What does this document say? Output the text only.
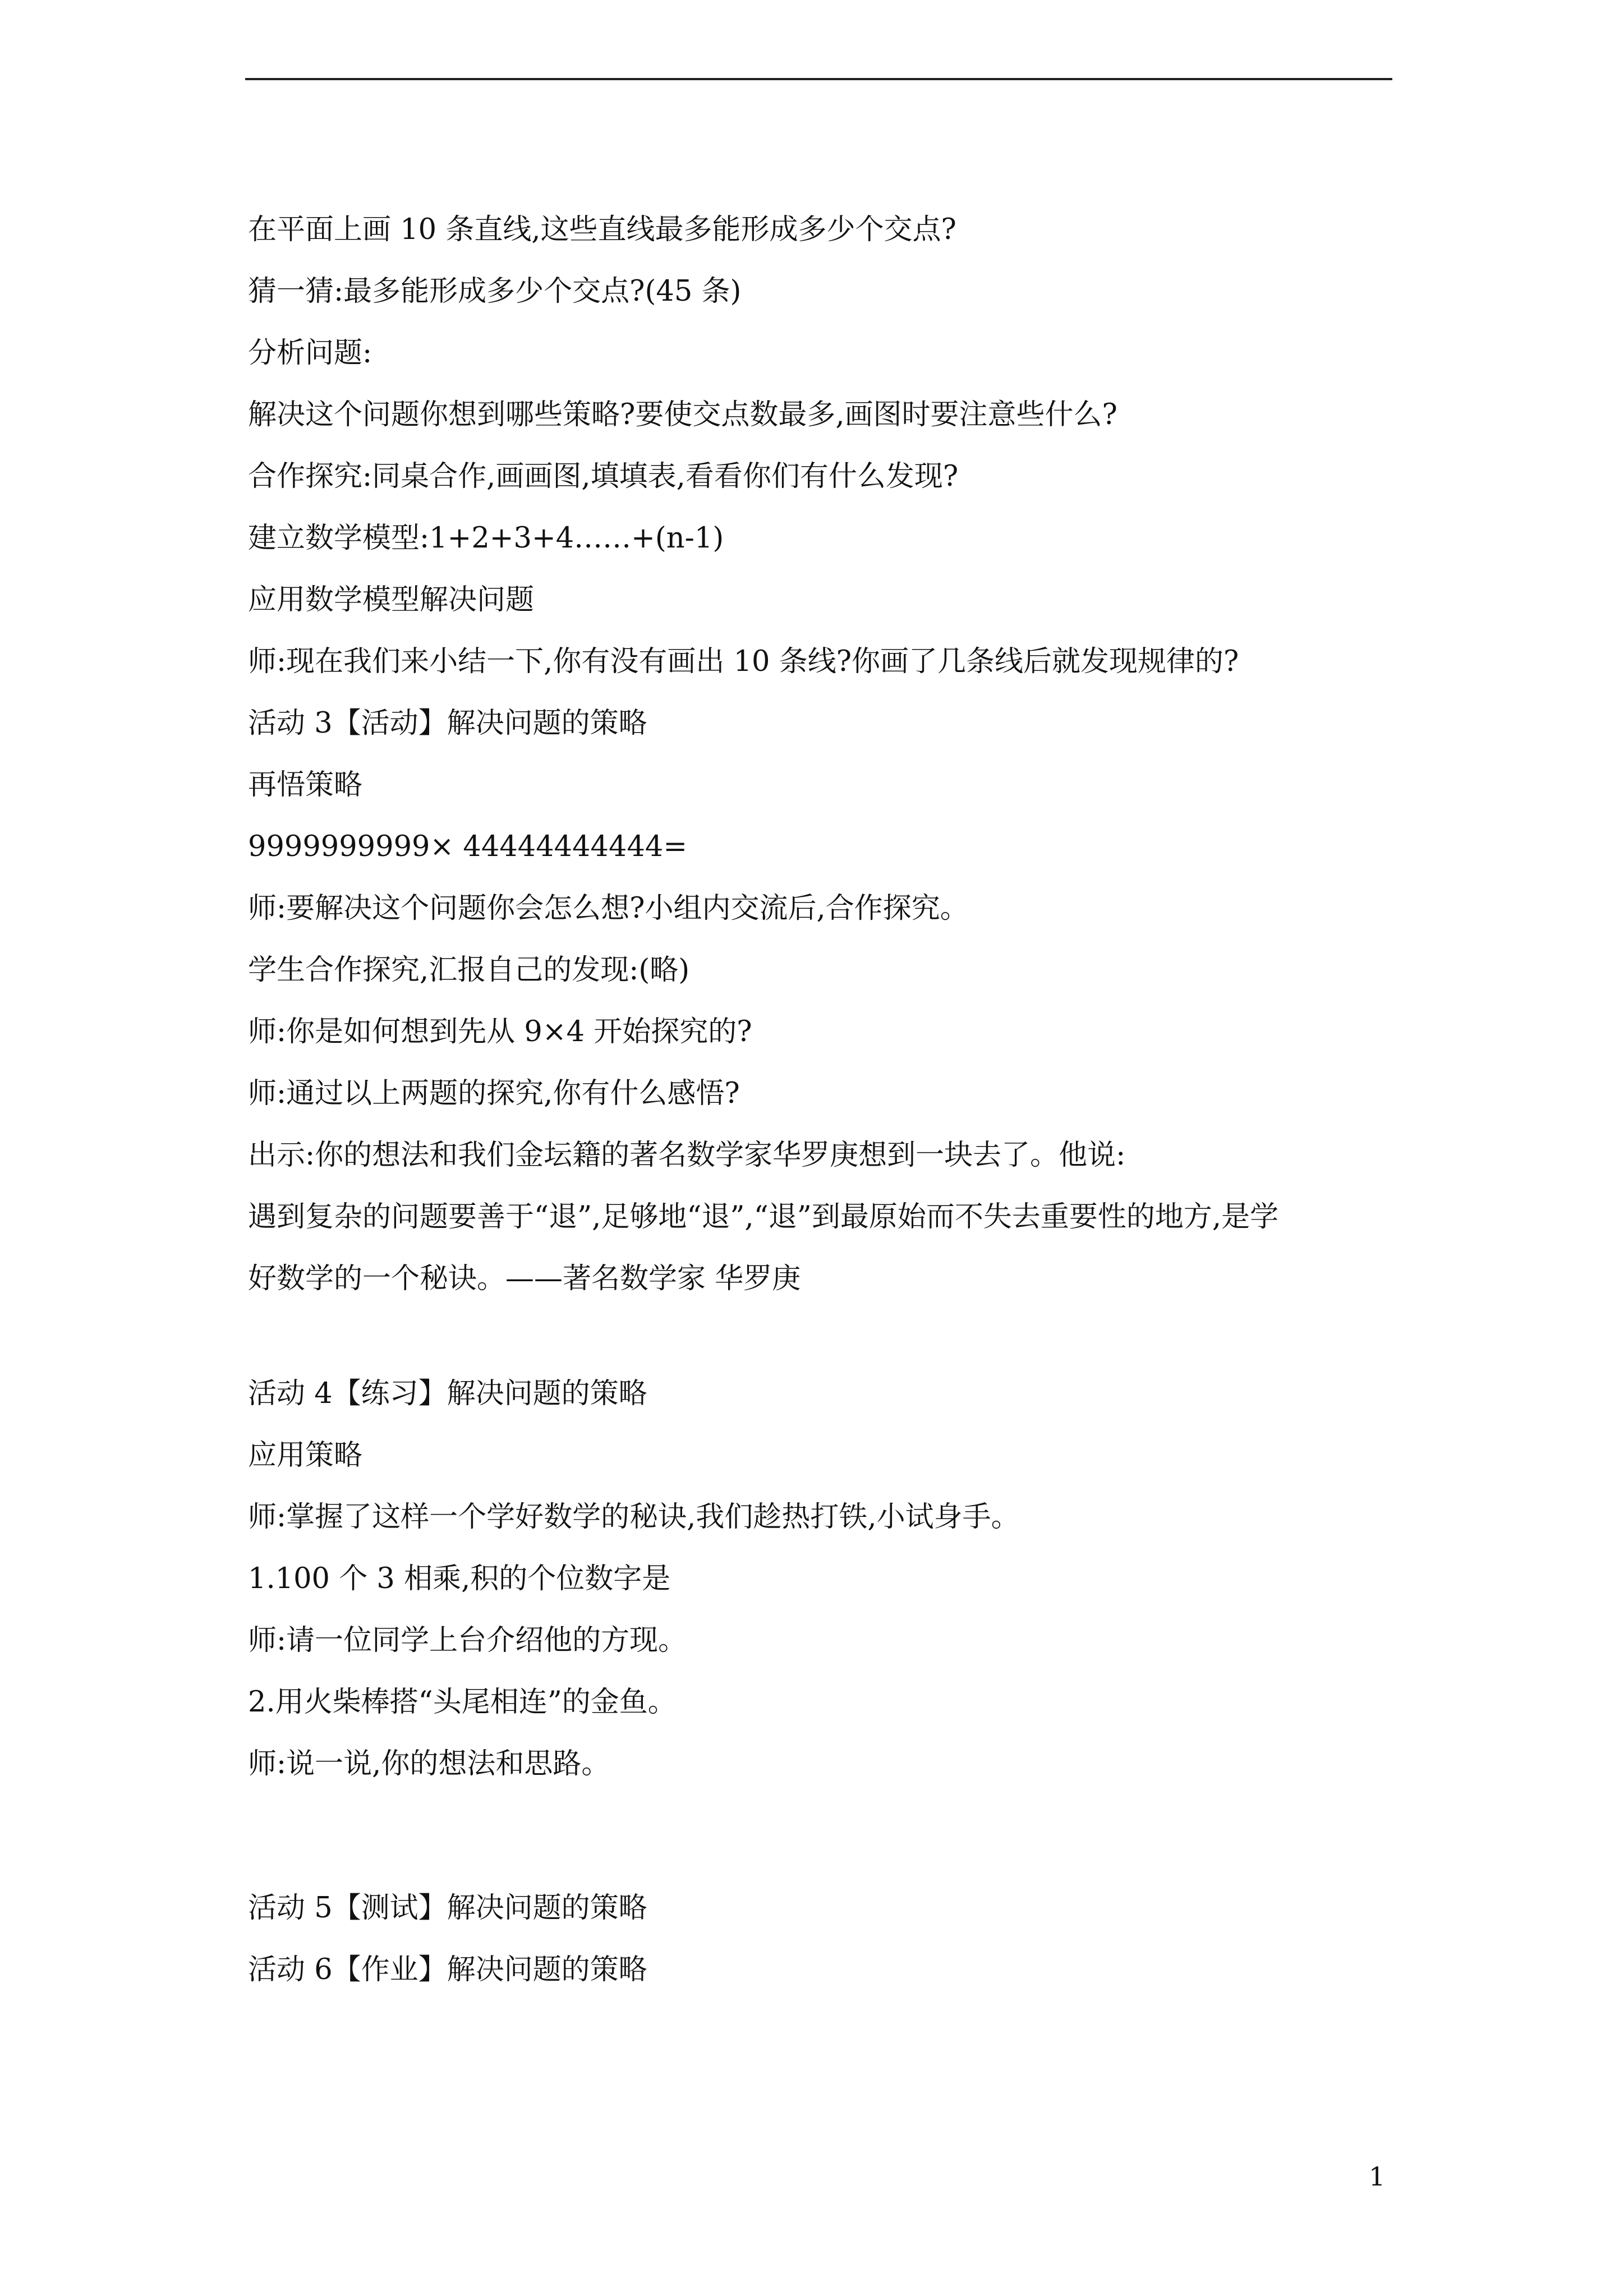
在平面上画 10 条直线,这些直线最多能形成多少个交点?
猜一猜:最多能形成多少个交点?(45 条)
分析问题:
解决这个问题你想到哪些策略?要使交点数最多,画图时要注意些什么?
合作探究:同桌合作,画画图,填填表,看看你们有什么发现?
建立数学模型:1+2+3+4……+(n-1)
应用数学模型解决问题
师:现在我们来小结一下,你有没有画出 10 条线?你画了几条线后就发现规律的?
活动 3【活动】解决问题的策略
再悟策略
9999999999× 44444444444=
师:要解决这个问题你会怎么想?小组内交流后,合作探究。
学生合作探究,汇报自己的发现:(略)
师:你是如何想到先从 9×4 开始探究的?
师:通过以上两题的探究,你有什么感悟?
出示:你的想法和我们金坛籍的著名数学家华罗庚想到一块去了。他说:
遇到复杂的问题要善于“退”,足够地“退”,“退”到最原始而不失去重要性的地方,是学
好数学的一个秘诀。——著名数学家 华罗庚
活动 4【练习】解决问题的策略
应用策略
师:掌握了这样一个学好数学的秘诀,我们趁热打铁,小试身手。
1.100 个 3 相乘,积的个位数字是
师:请一位同学上台介绍他的方现。
2.用火柴棒搭“头尾相连”的金鱼。
师:说一说,你的想法和思路。
活动 5【测试】解决问题的策略
活动 6【作业】解决问题的策略
1
